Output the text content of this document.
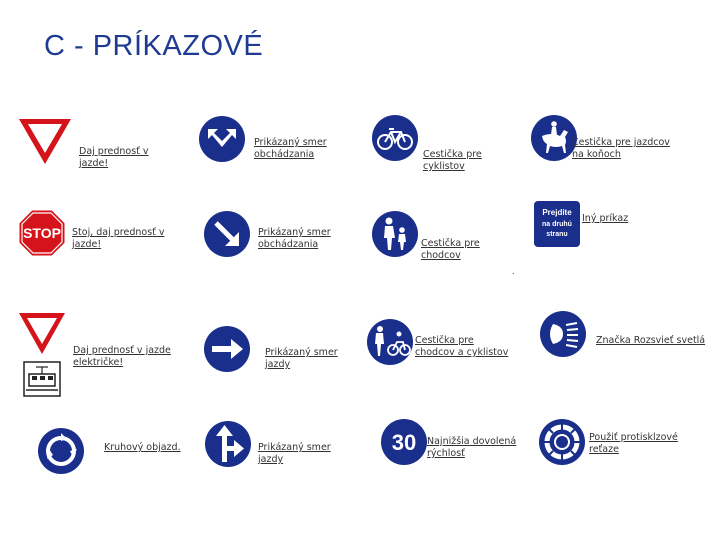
C - PRÍKAZOVÉ
Daj prednosť v jazde!
STOP Stoj, daj prednosť v jazde!
Daj prednosť v jazde električke!
Kruhový objazd.
Prikázaný smer obchádzania
Prikázaný smer obchádzania
Prikázaný smer jazdy
Prikázaný smer jazdy
Cestička pre cyklistov
Cestička pre chodcov
.
Cestička pre chodcov a cyklistov
30 Najnižšia dovolená rýchlosť
Cestička pre jazdcov na koňoch
Prejdite
na druhú
stranu
Iný príkaz
Značka Rozsvieť svetlá
Použiť protisklzové reťaze
